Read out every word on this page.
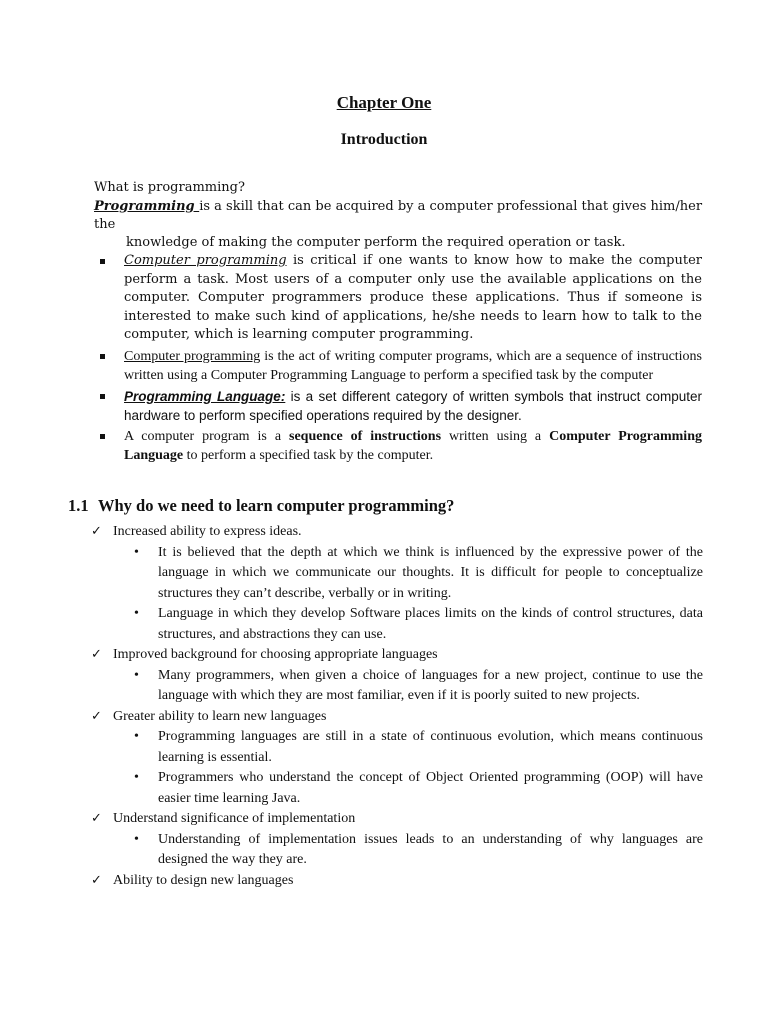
Chapter One
Introduction
What is programming?
Programming is a skill that can be acquired by a computer professional that gives him/her the
knowledge of making the computer perform the required operation or task.
Computer programming is critical if one wants to know how to make the computer perform a task. Most users of a computer only use the available applications on the computer. Computer programmers produce these applications. Thus if someone is interested to make such kind of applications, he/she needs to learn how to talk to the computer, which is learning computer programming.
Computer programming is the act of writing computer programs, which are a sequence of instructions written using a Computer Programming Language to perform a specified task by the computer
Programming Language: is a set different category of written symbols that instruct computer hardware to perform specified operations required by the designer.
A computer program is a sequence of instructions written using a Computer Programming Language to perform a specified task by the computer.
1.1 Why do we need to learn computer programming?
✓ Increased ability to express ideas.
•	It is believed that the depth at which we think is influenced by the expressive power of the language in which we communicate our thoughts. It is difficult for people to conceptualize structures they can’t describe, verbally or in writing.
•	Language in which they develop Software places limits on the kinds of control structures, data structures, and abstractions they can use.
✓ Improved background for choosing appropriate languages
•	Many programmers, when given a choice of languages for a new project, continue to use the language with which they are most familiar, even if it is poorly suited to new projects.
✓ Greater ability to learn new languages
•	Programming languages are still in a state of continuous evolution, which means continuous learning is essential.
•	Programmers who understand the concept of Object Oriented programming (OOP) will have easier time learning Java.
✓ Understand significance of implementation
•	Understanding of implementation issues leads to an understanding of why languages are designed the way they are.
✓ Ability to design new languages
